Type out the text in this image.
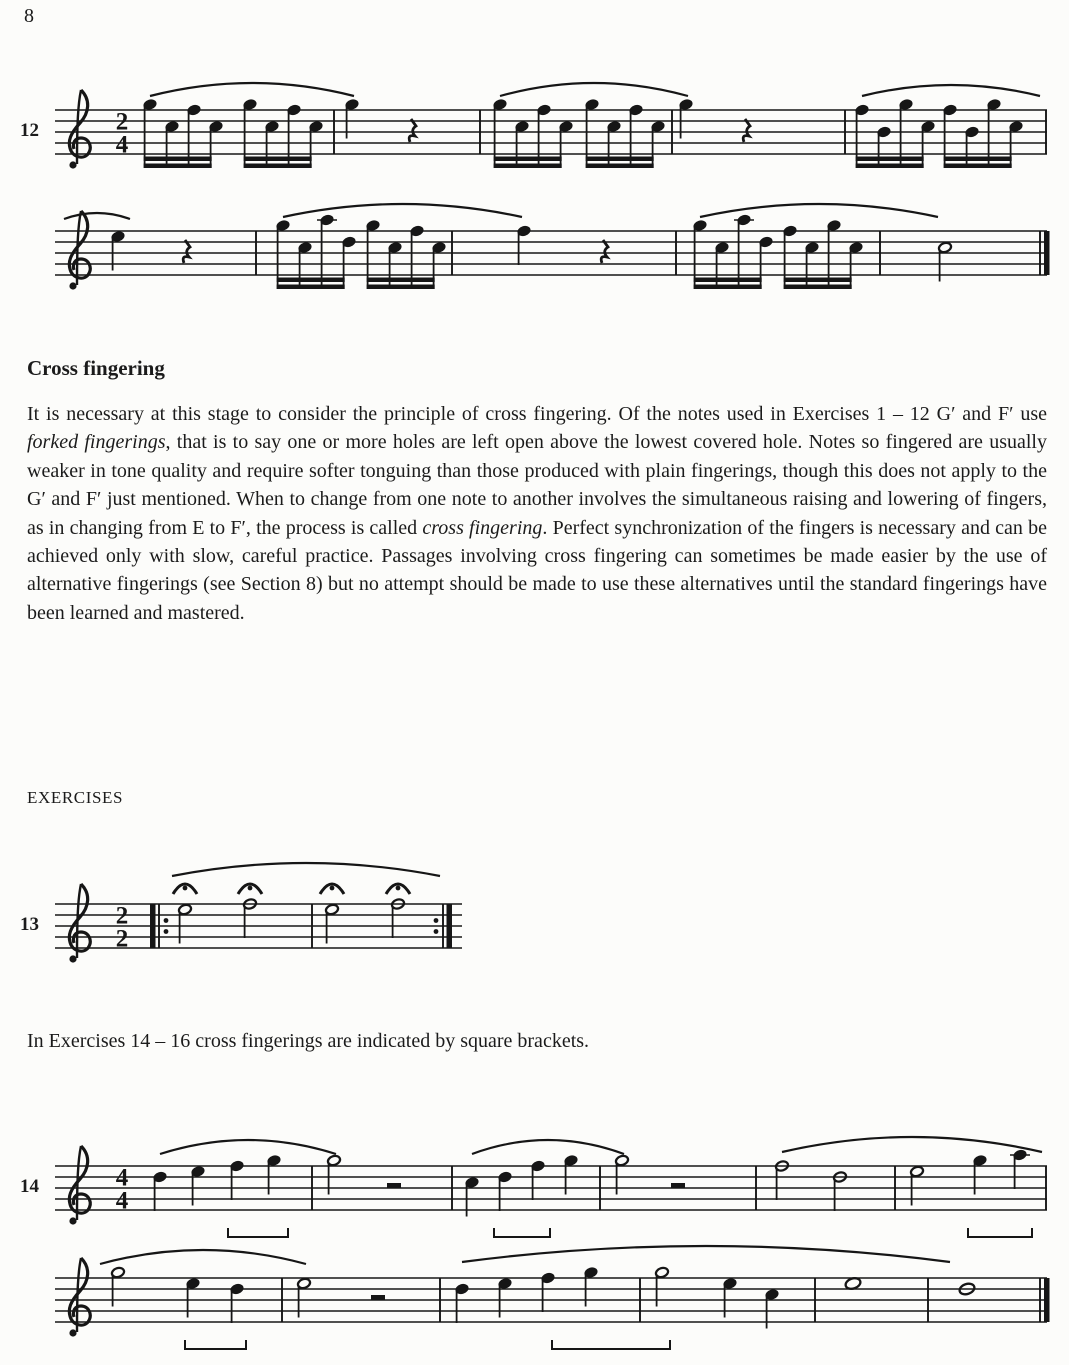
8
12	2
4
Cross fingering
It is necessary at this stage to consider the principle of cross fingering. Of the notes used in Exercises 1 – 12 G′ and F′ use forked fingerings, that is to say one or more holes are left open above the lowest covered hole. Notes so fingered are usually weaker in tone quality and require softer tonguing than those produced with plain fingerings, though this does not apply to the G′ and F′ just mentioned. When to change from one note to another involves the simultaneous raising and lowering of fingers, as in changing from E to F′, the process is called cross fingering. Perfect synchronization of the fingers is necessary and can be achieved only with slow, careful practice. Passages involving cross fingering can sometimes be made easier by the use of alternative fingerings (see Section 8) but no attempt should be made to use these alternatives until the standard fingerings have been learned and mastered.
EXERCISES
13	2
2
In Exercises 14 – 16 cross fingerings are indicated by square brackets.
14	4
4
